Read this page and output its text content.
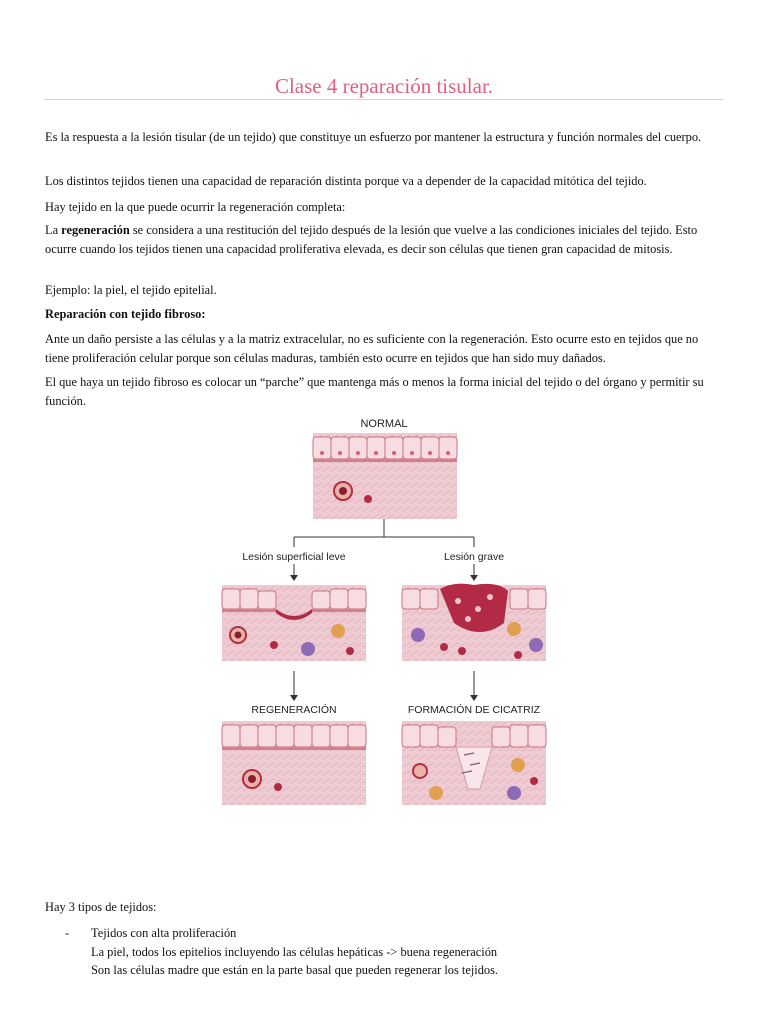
Clase 4 reparación tisular.
Es la respuesta a la lesión tisular (de un tejido) que constituye un esfuerzo por mantener la estructura y función normales del cuerpo.
Los distintos tejidos tienen una capacidad de reparación distinta porque va a depender de la capacidad mitótica del tejido.
Hay tejido en la que puede ocurrir la regeneración completa:
La regeneración se considera a una restitución del tejido después de la lesión que vuelve a las condiciones iniciales del tejido. Esto ocurre cuando los tejidos tienen una capacidad proliferativa elevada, es decir son células que tienen gran capacidad de mitosis.
Ejemplo: la piel, el tejido epitelial.
Reparación con tejido fibroso:
Ante un daño persiste a las células y a la matriz extracelular, no es suficiente con la regeneración. Esto ocurre esto en tejidos que no tiene proliferación celular porque son células maduras, también esto ocurre en tejidos que han sido muy dañados.
El que haya un tejido fibroso es colocar un “parche” que mantenga más o menos la forma inicial del tejido o del órgano y permitir su función.
NORMAL
Lesión superficial leve	Lesión grave
REGENERACIÓN	FORMACIÓN DE CICATRIZ
Hay 3 tipos de tejidos:
- Tejidos con alta proliferación
La piel, todos los epitelios incluyendo las células hepáticas -> buena regeneración
Son las células madre que están en la parte basal que pueden regenerar los tejidos.
